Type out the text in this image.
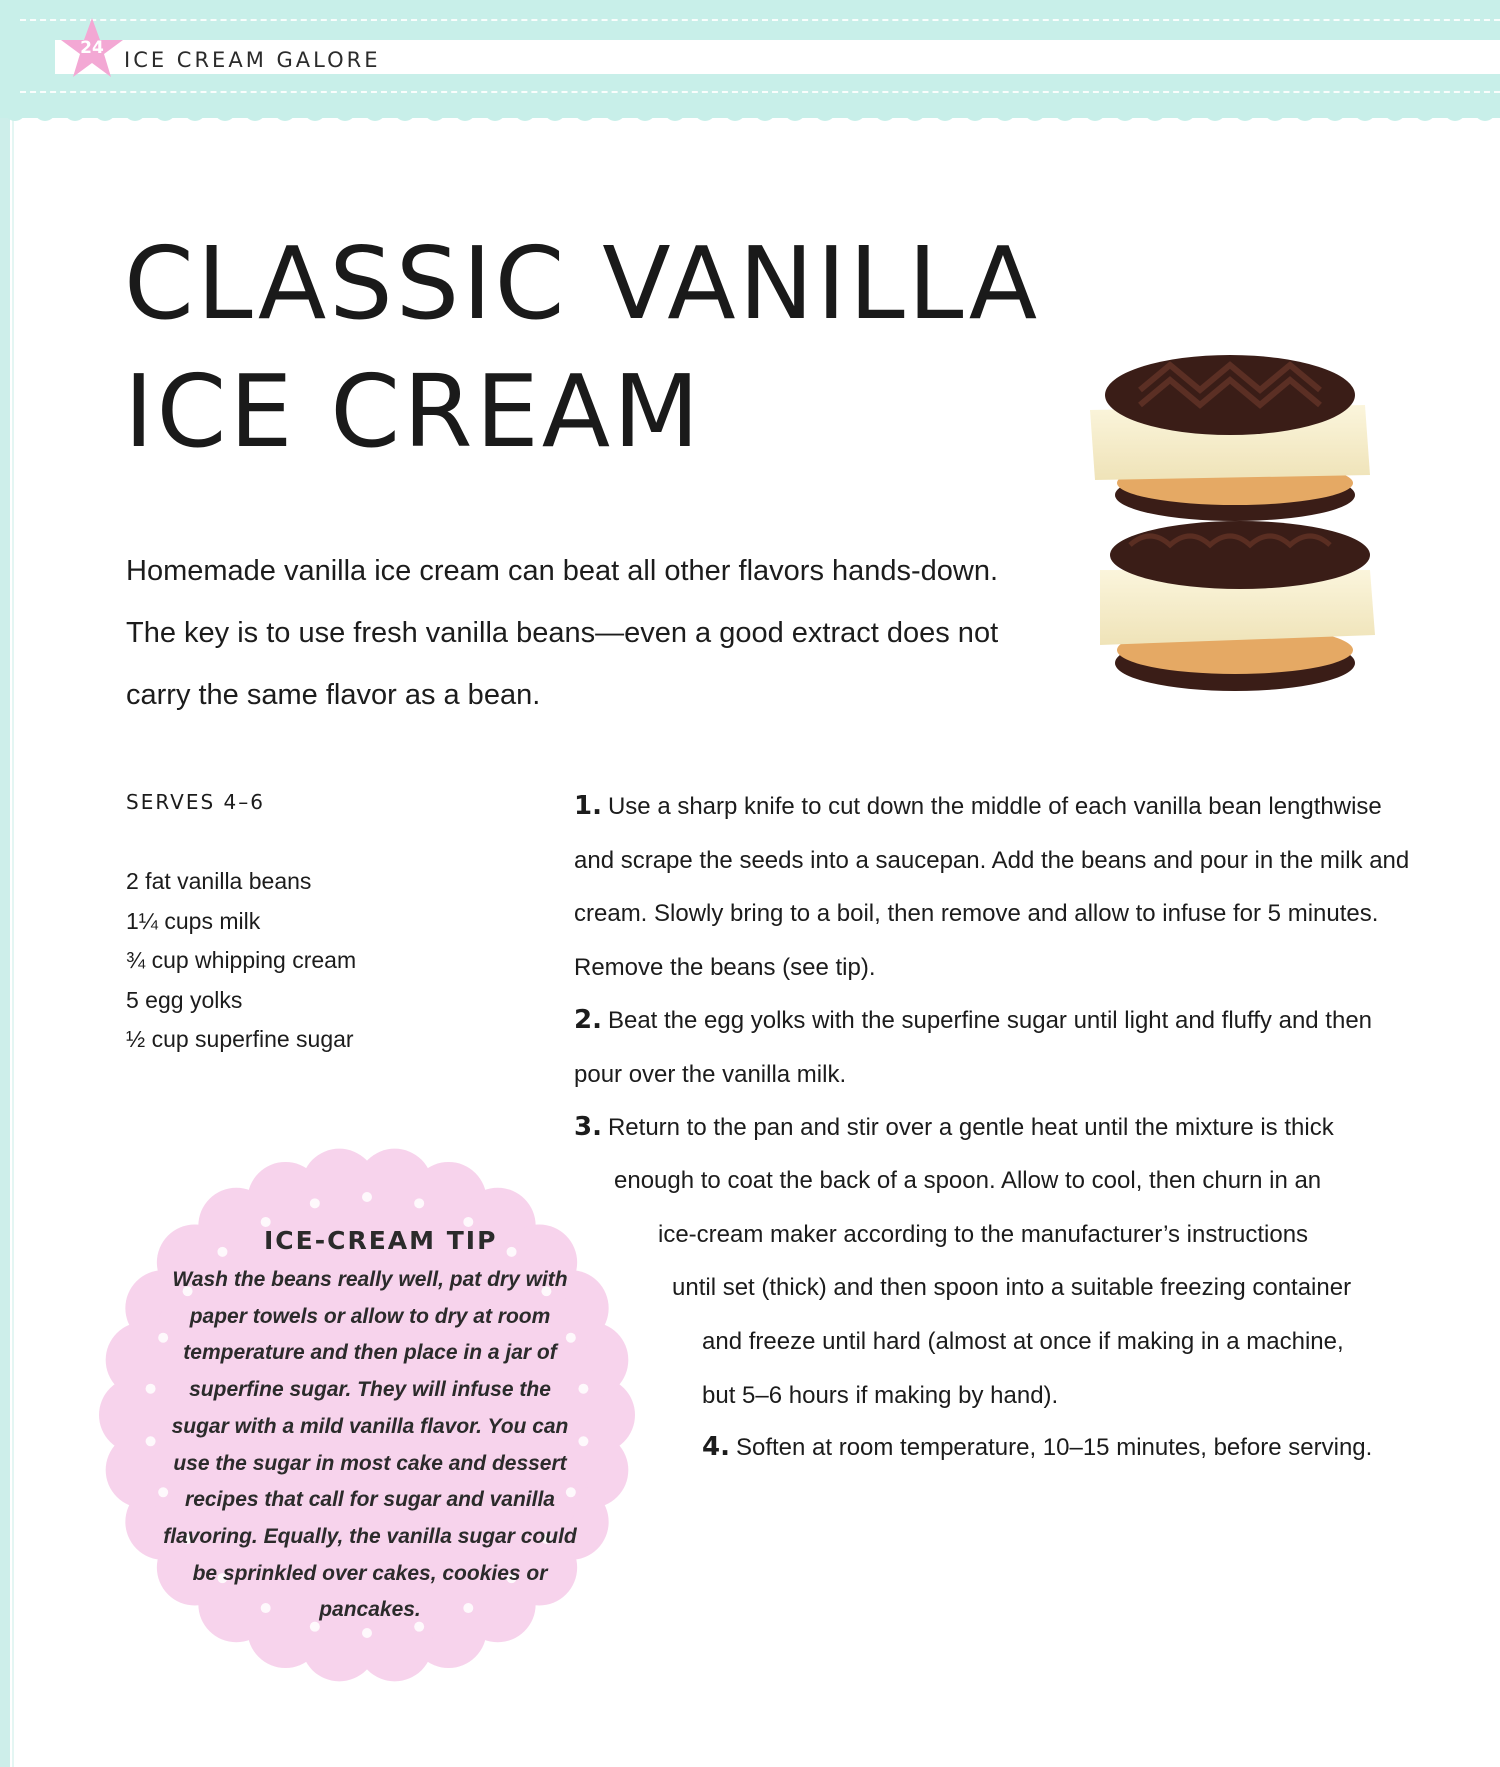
24 ICE CREAM GALORE
CLASSIC VANILLA
ICE CREAM

Homemade vanilla ice cream can beat all other flavors hands-down. The key is to use fresh vanilla beans—even a good extract does not carry the same flavor as a bean.

SERVES 4–6
2 fat vanilla beans
1¼ cups milk
¾ cup whipping cream
5 egg yolks
½ cup superfine sugar
1. Use a sharp knife to cut down the middle of each vanilla bean lengthwise and scrape the seeds into a saucepan. Add the beans and pour in the milk and cream. Slowly bring to a boil, then remove and allow to infuse for 5 minutes. Remove the beans (see tip).
2. Beat the egg yolks with the superfine sugar until light and fluffy and then pour over the vanilla milk.
3. Return to the pan and stir over a gentle heat until the mixture is thick
enough to coat the back of a spoon. Allow to cool, then churn in an
ice-cream maker according to the manufacturer’s instructions
until set (thick) and then spoon into a suitable freezing container
and freeze until hard (almost at once if making in a machine,
but 5–6 hours if making by hand).
4. Soften at room temperature, 10–15 minutes, before serving.
ICE-CREAM TIP

Wash the beans really well, pat dry with paper towels or allow to dry at room temperature and then place in a jar of superfine sugar. They will infuse the sugar with a mild vanilla flavor. You can use the sugar in most cake and dessert recipes that call for sugar and vanilla flavoring. Equally, the vanilla sugar could be sprinkled over cakes, cookies or pancakes.
